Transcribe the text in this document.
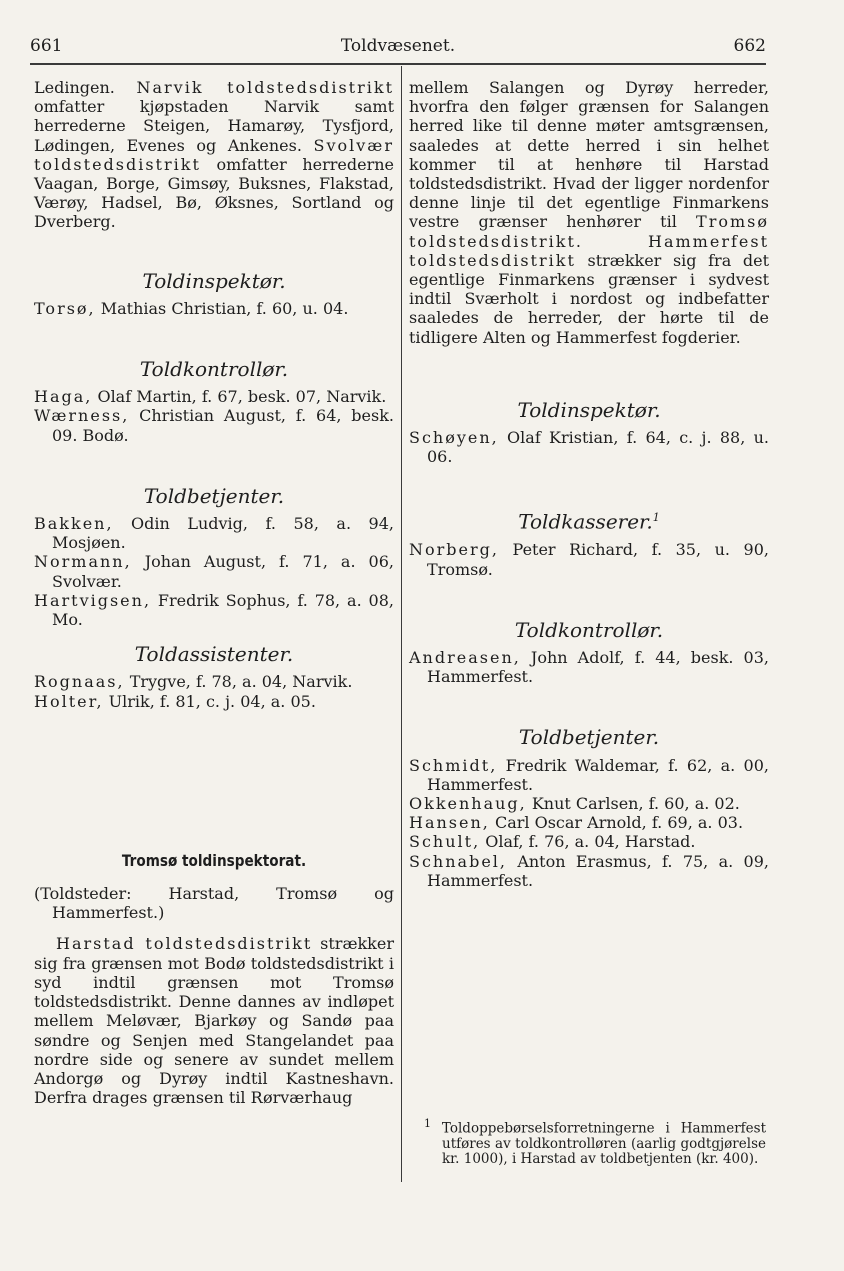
661	Toldvæsenet.	662

Ledingen. Narvik toldstedsdistrikt omfatter kjøpstaden Narvik samt herrederne Steigen, Hamarøy, Tysfjord, Lødingen, Evenes og Ankenes. Svolvær toldstedsdistrikt omfatter herrederne Vaagan, Borge, Gimsøy, Buksnes, Flakstad, Værøy, Hadsel, Bø, Øksnes, Sortland og Dverberg.

Toldinspektør.

Torsø, Mathias Christian, f. 60, u. 04.

Toldkontrollør.

Haga, Olaf Martin, f. 67, besk. 07, Narvik.

Wærness, Christian August, f. 64, besk. 09. Bodø.

Toldbetjenter.

Bakken, Odin Ludvig, f. 58, a. 94, Mosjøen.

Normann, Johan August, f. 71, a. 06, Svolvær.

Hartvigsen, Fredrik Sophus, f. 78, a. 08, Mo.

Toldassistenter.

Rognaas, Trygve, f. 78, a. 04, Narvik.

Holter, Ulrik, f. 81, c. j. 04, a. 05.

Tromsø toldinspektorat.

(Toldsteder: Harstad, Tromsø og Hammerfest.)

Harstad toldstedsdistrikt strækker sig fra grænsen mot Bodø toldstedsdistrikt i syd indtil grænsen mot Tromsø toldstedsdistrikt. Denne dannes av indløpet mellem Meløvær, Bjarkøy og Sandø paa søndre og Senjen med Stangelandet paa nordre side og senere av sundet mellem Andorgø og Dyrøy indtil Kastneshavn. Derfra drages grænsen til Rørværhaug

mellem Salangen og Dyrøy herreder, hvorfra den følger grænsen for Salangen herred like til denne møter amtsgrænsen, saaledes at dette herred i sin helhet kommer til at henhøre til Harstad toldstedsdistrikt. Hvad der ligger nordenfor denne linje til det egentlige Finmarkens vestre grænser henhører til Tromsø toldstedsdistrikt.	Hammerfest toldstedsdistrikt strækker sig fra det egentlige Finmarkens grænser i sydvest indtil Sværholt i nordost og indbefatter saaledes de herreder, der hørte til de tidligere Alten og Hammerfest fogderier.

Toldinspektør.

Schøyen, Olaf Kristian, f. 64, c. j. 88, u. 06.

Toldkasserer.$^1$

Norberg, Peter Richard, f. 35, u. 90, Tromsø.

Toldkontrollør.

Andreasen, John Adolf, f. 44, besk. 03, Hammerfest.

Toldbetjenter.

Schmidt, Fredrik Waldemar, f. 62, a. 00, Hammerfest.

Okkenhaug, Knut Carlsen, f. 60, a. 02.

Hansen, Carl Oscar Arnold, f. 69, a. 03.

Schult, Olaf, f. 76, a. 04, Harstad.

Schnabel, Anton Erasmus, f. 75, a. 09, Hammerfest.

$^1$ Toldoppebørselsforretningerne i Hammerfest utføres av toldkontrolløren (aarlig godtgjørelse kr. 1000), i Harstad av toldbetjenten (kr. 400).
